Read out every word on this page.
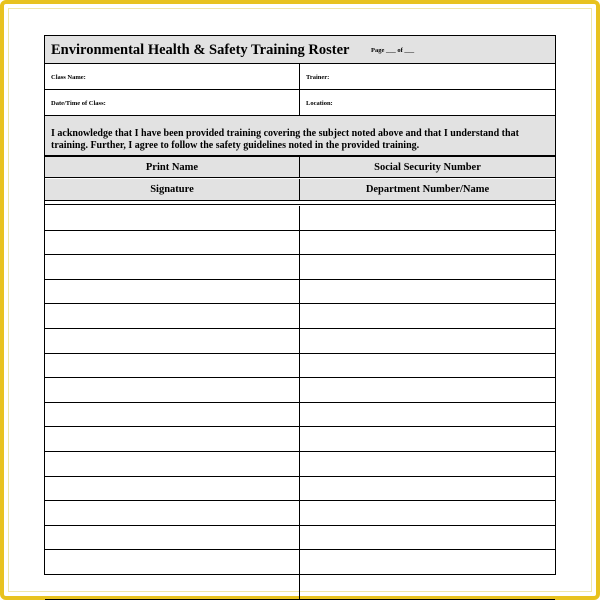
Environmental Health & Safety Training Roster	Page ___ of ___
Class Name:	Trainer:
Date/Time of Class:	Location:
I acknowledge that I have been provided training covering the subject noted above and that I understand that training. Further, I agree to follow the safety guidelines noted in the provided training.
Print Name	Social Security Number
Signature	Department Number/Name
